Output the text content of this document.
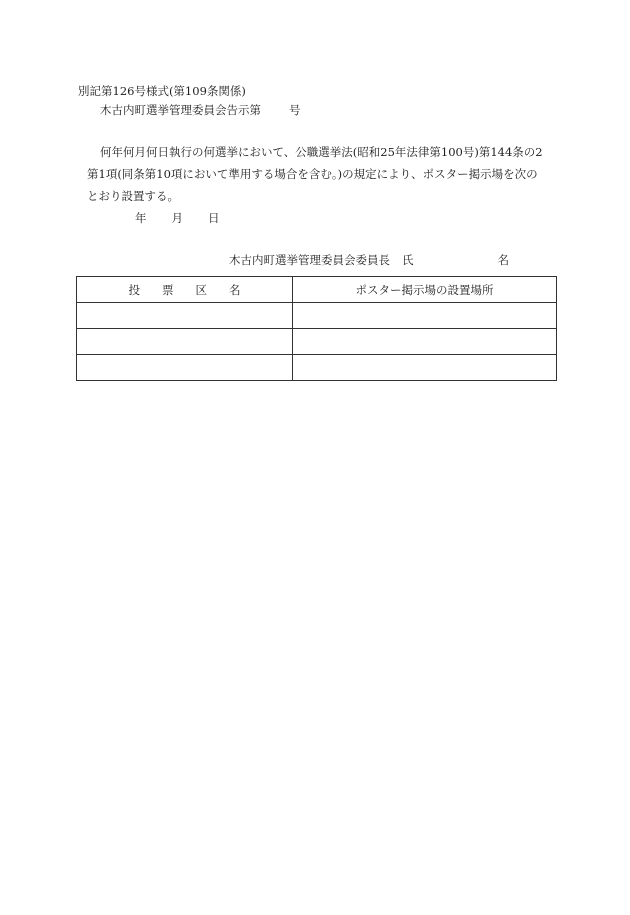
別記第126号様式(第109条関係)
木古内町選挙管理委員会告示第 号
何年何月何日執行の何選挙において、公職選挙法(昭和25年法律第100号)第144条の2
第1項(同条第10項において準用する場合を含む。)の規定により、ポスター掲示場を次の
とおり設置する。
年 月 日
木古内町選挙管理委員会委員長 氏	名
投 票 区 名	ポスター掲示場の設置場所
